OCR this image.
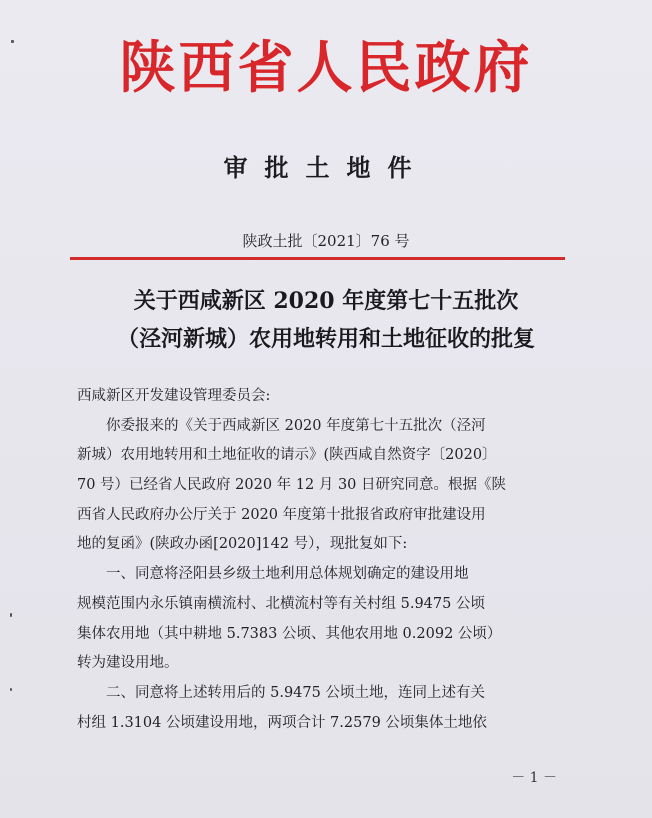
陕西省人民政府
审批土地件
陕政土批〔2021〕76 号
关于西咸新区 2020 年度第七十五批次
（泾河新城）农用地转用和土地征收的批复
西咸新区开发建设管理委员会:
　　你委报来的《关于西咸新区 2020 年度第七十五批次（泾河
新城）农用地转用和土地征收的请示》(陕西咸自然资字〔2020〕
70 号）已经省人民政府 2020 年 12 月 30 日研究同意。根据《陕
西省人民政府办公厅关于 2020 年度第十批报省政府审批建设用
地的复函》(陕政办函[2020]142 号），现批复如下:
　　一、同意将泾阳县乡级土地利用总体规划确定的建设用地
规模范围内永乐镇南横流村、北横流村等有关村组 5.9475 公顷
集体农用地（其中耕地 5.7383 公顷、其他农用地 0.2092 公顷）
转为建设用地。
　　二、同意将上述转用后的 5.9475 公顷土地，连同上述有关
村组 1.3104 公顷建设用地，两项合计 7.2579 公顷集体土地依
－ 1 －
